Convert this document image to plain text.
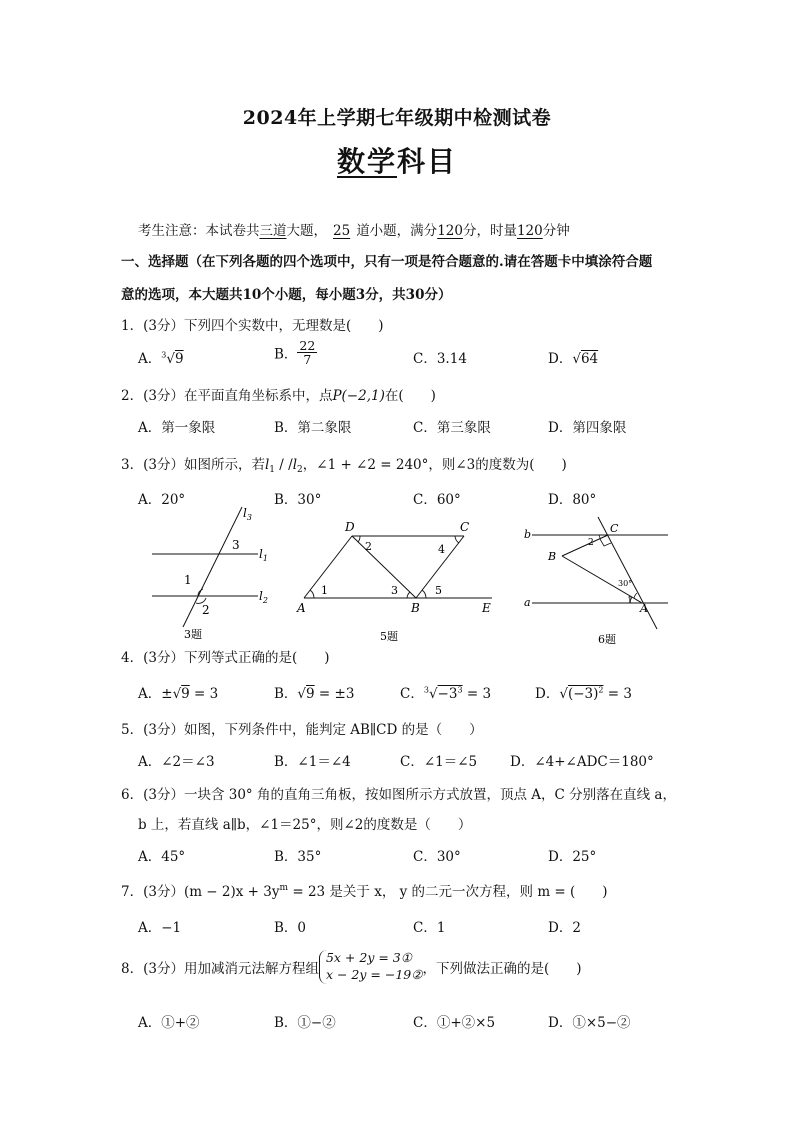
2024年上学期七年级期中检测试卷
数学科目
考生注意：本试卷共三道大题， 25 道小题，满分120分，时量120分钟
一、选择题（在下列各题的四个选项中，只有一项是符合题意的.请在答题卡中填涂符合题
意的选项，本大题共10个小题，每小题3分，共30分）
1．(3分）下列四个实数中，无理数是(　　)
A．$^3$√9	B． $\frac{22}{7}$	C．3.14	D．√64
2．(3分）在平面直角坐标系中，点P(−2,1)在(　　)
A．第一象限	B．第二象限	C．第三象限	D．第四象限
3．(3分）如图所示，若$l_1 / /l_2$，∠1 + ∠2 = 240°，则∠3的度数为(　　)
A．20°	B．30°	C．60°	D．80°
$l_3$
$l_1$
$l_2$
3
1
2
3题
D	C
A	B	E
1
2
3
4
5
5题
b
a
B
C
A
2
1
30°
6题
4．(3分）下列等式正确的是(　　)
A．±√9 = 3	B．√9 = ±3	C．$^3√-3^3 = 3$	D．$√(-3)^2 = 3$
5．(3分）如图，下列条件中，能判定 AB∥CD 的是（　　）
A．∠2＝∠3	B．∠1＝∠4	C．∠1＝∠5 D．∠4+∠ADC＝180°
6．(3分）一块含 30° 角的直角三角板，按如图所示方式放置，顶点 A，C 分别落在直线 a，
b 上，若直线 a∥b，∠1＝25°，则∠2的度数是（　　）
A．45°	B．35°	C．30°	D．25°
7．(3分）$(m - 2)x + 3y^m = 23$ 是关于 x， y 的二元一次方程，则 m = (　　)
A．−1	B．0	C．1	D．2
8．(3分）用加减消元法解方程组5x + 2y = 3①
x − 2y = −19②，下列做法正确的是(　　)
A．①+②	B．①−②	C．①+②×5	D．①×5−②
